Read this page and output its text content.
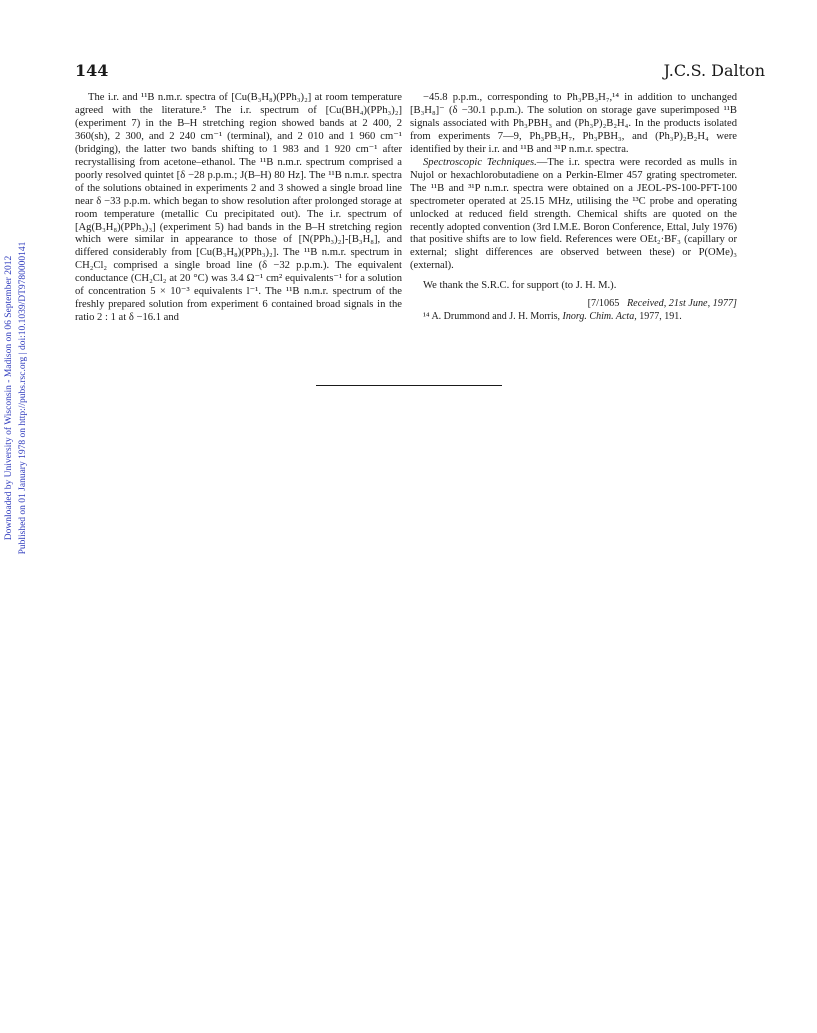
144	J.C.S. Dalton
Downloaded by University of Wisconsin - Madison on 06 September 2012 Published on 01 January 1978 on http://pubs.rsc.org | doi:10.1039/DT9780000141

The i.r. and ¹¹B n.m.r. spectra of [Cu(B₃H₈)(PPh₃)₂] at room temperature agreed with the literature.⁵ The i.r. spectrum of [Cu(BH₄)(PPh₃)₂] (experiment 7) in the B–H stretching region showed bands at 2 400, 2 360(sh), 2 300, and 2 240 cm⁻¹ (terminal), and 2 010 and 1 960 cm⁻¹ (bridging), the latter two bands shifting to 1 983 and 1 920 cm⁻¹ after recrystallising from acetone–ethanol. The ¹¹B n.m.r. spectrum comprised a poorly resolved quintet [δ −28 p.p.m.; J(B–H) 80 Hz]. The ¹¹B n.m.r. spectra of the solutions obtained in experiments 2 and 3 showed a single broad line near δ −33 p.p.m. which began to show resolution after prolonged storage at room temperature (metallic Cu precipitated out). The i.r. spectrum of [Ag(B₃H₈)(PPh₃)₃] (experiment 5) had bands in the B–H stretching region which were similar in appearance to those of [N(PPh₃)₂]-[B₃H₈], and differed considerably from [Cu(B₃H₈)(PPh₃)₂]. The ¹¹B n.m.r. spectrum in CH₂Cl₂ comprised a single broad line (δ −32 p.p.m.). The equivalent conductance (CH₂Cl₂ at 20 °C) was 3.4 Ω⁻¹ cm² equivalents⁻¹ for a solution of concentration 5 × 10⁻³ equivalents l⁻¹. The ¹¹B n.m.r. spectrum of the freshly prepared solution from experiment 6 contained broad signals in the ratio 2 : 1 at δ −16.1 and

−45.8 p.p.m., corresponding to Ph₃PB₃H₇,¹⁴ in addition to unchanged [B₃H₈]⁻ (δ −30.1 p.p.m.). The solution on storage gave superimposed ¹¹B signals associated with Ph₃PBH₃ and (Ph₃P)₂B₂H₄. In the products isolated from experiments 7—9, Ph₃PB₃H₇, Ph₃PBH₃, and (Ph₃P)₂B₂H₄ were identified by their i.r. and ¹¹B and ³¹P n.m.r. spectra.

Spectroscopic Techniques.—The i.r. spectra were recorded as mulls in Nujol or hexachlorobutadiene on a Perkin-Elmer 457 grating spectrometer. The ¹¹B and ³¹P n.m.r. spectra were obtained on a JEOL-PS-100-PFT-100 spectrometer operated at 25.15 MHz, utilising the ¹³C probe and operating unlocked at reduced field strength. Chemical shifts are quoted on the recently adopted convention (3rd I.M.E. Boron Conference, Ettal, July 1976) that positive shifts are to low field. References were OEt₂·BF₃ (capillary or external; slight differences are observed between these) or P(OMe)₃ (external).

We thank the S.R.C. for support (to J. H. M.).

[7/1065 Received, 21st June, 1977]

¹⁴ A. Drummond and J. H. Morris, Inorg. Chim. Acta, 1977, 191.
